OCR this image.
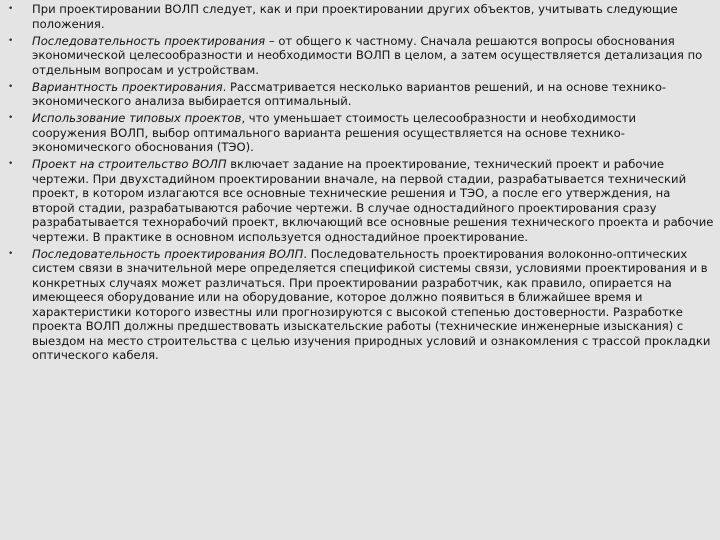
• При проектировании ВОЛП следует, как и при проектировании других объектов, учитывать следующие положения.
• Последовательность проектирования – от общего к частному. Сначала решаются вопросы обоснования экономической целесообразности и необходимости ВОЛП в целом, а затем осуществляется детализация по отдельным вопросам и устройствам.
• Вариантность проектирования. Рассматривается несколько вариантов решений, и на основе технико-экономического анализа выбирается оптимальный.
• Использование типовых проектов, что уменьшает стоимость целесообразности и необходимости сооружения ВОЛП, выбор оптимального варианта решения осуществляется на основе технико-экономического обоснования (ТЭО).
• Проект на строительство ВОЛП включает задание на проектирование, технический проект и рабочие чертежи. При двухстадийном проектировании вначале, на первой стадии, разрабатывается технический проект, в котором излагаются все основные технические решения и ТЭО, а после его утверждения, на второй стадии, разрабатываются рабочие чертежи. В случае одностадийного проектирования сразу разрабатывается технорабочий проект, включающий все основные решения технического проекта и рабочие чертежи. В практике в основном используется одностадийное проектирование.
• Последовательность проектирования ВОЛП. Последовательность проектирования волоконно-оптических систем связи в значительной мере определяется спецификой системы связи, условиями проектирования и в конкретных случаях может различаться. При проектировании разработчик, как правило, опирается на имеющееся оборудование или на оборудование, которое должно появиться в ближайшее время и характеристики которого известны или прогнозируются с высокой степенью достоверности. Разработке проекта ВОЛП должны предшествовать изыскательские работы (технические инженерные изыскания) с выездом на место строительства с целью изучения природных условий и ознакомления с трассой прокладки оптического кабеля.
